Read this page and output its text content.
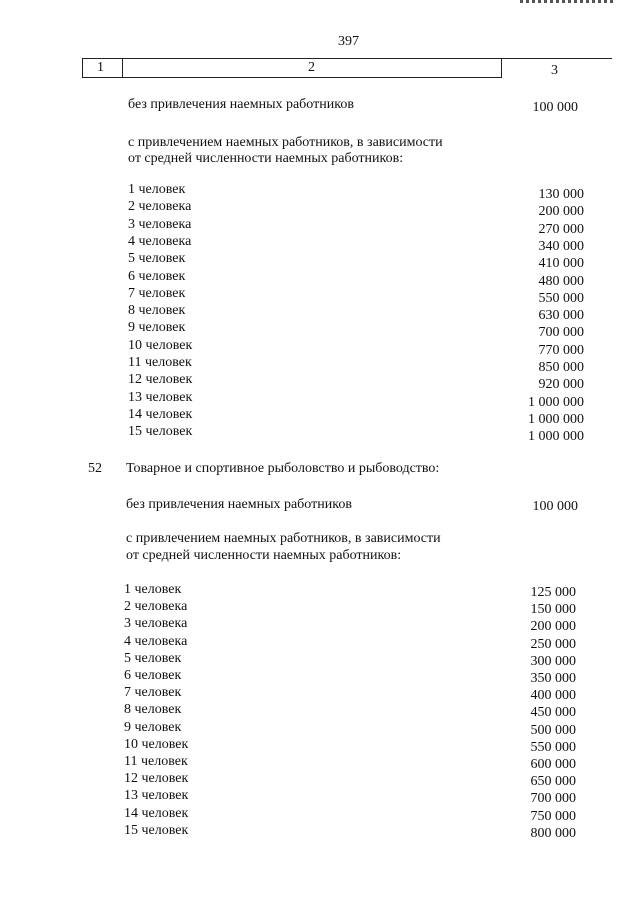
397
1	2	3
без привлечения наемных работников	100 000
с привлечением наемных работников, в зависимости
от средней численности наемных работников:
1 человек	130 000
2 человека	200 000
3 человека	270 000
4 человека	340 000
5 человек	410 000
6 человек	480 000
7 человек	550 000
8 человек	630 000
9 человек	700 000
10 человек	770 000
11 человек	850 000
12 человек	920 000
13 человек	1 000 000
14 человек	1 000 000
15 человек	1 000 000
52 Товарное и спортивное рыболовство и рыбоводство:
без привлечения наемных работников	100 000
с привлечением наемных работников, в зависимости
от средней численности наемных работников:
1 человек	125 000
2 человека	150 000
3 человека	200 000
4 человека	250 000
5 человек	300 000
6 человек	350 000
7 человек	400 000
8 человек	450 000
9 человек	500 000
10 человек	550 000
11 человек	600 000
12 человек	650 000
13 человек	700 000
14 человек	750 000
15 человек	800 000
